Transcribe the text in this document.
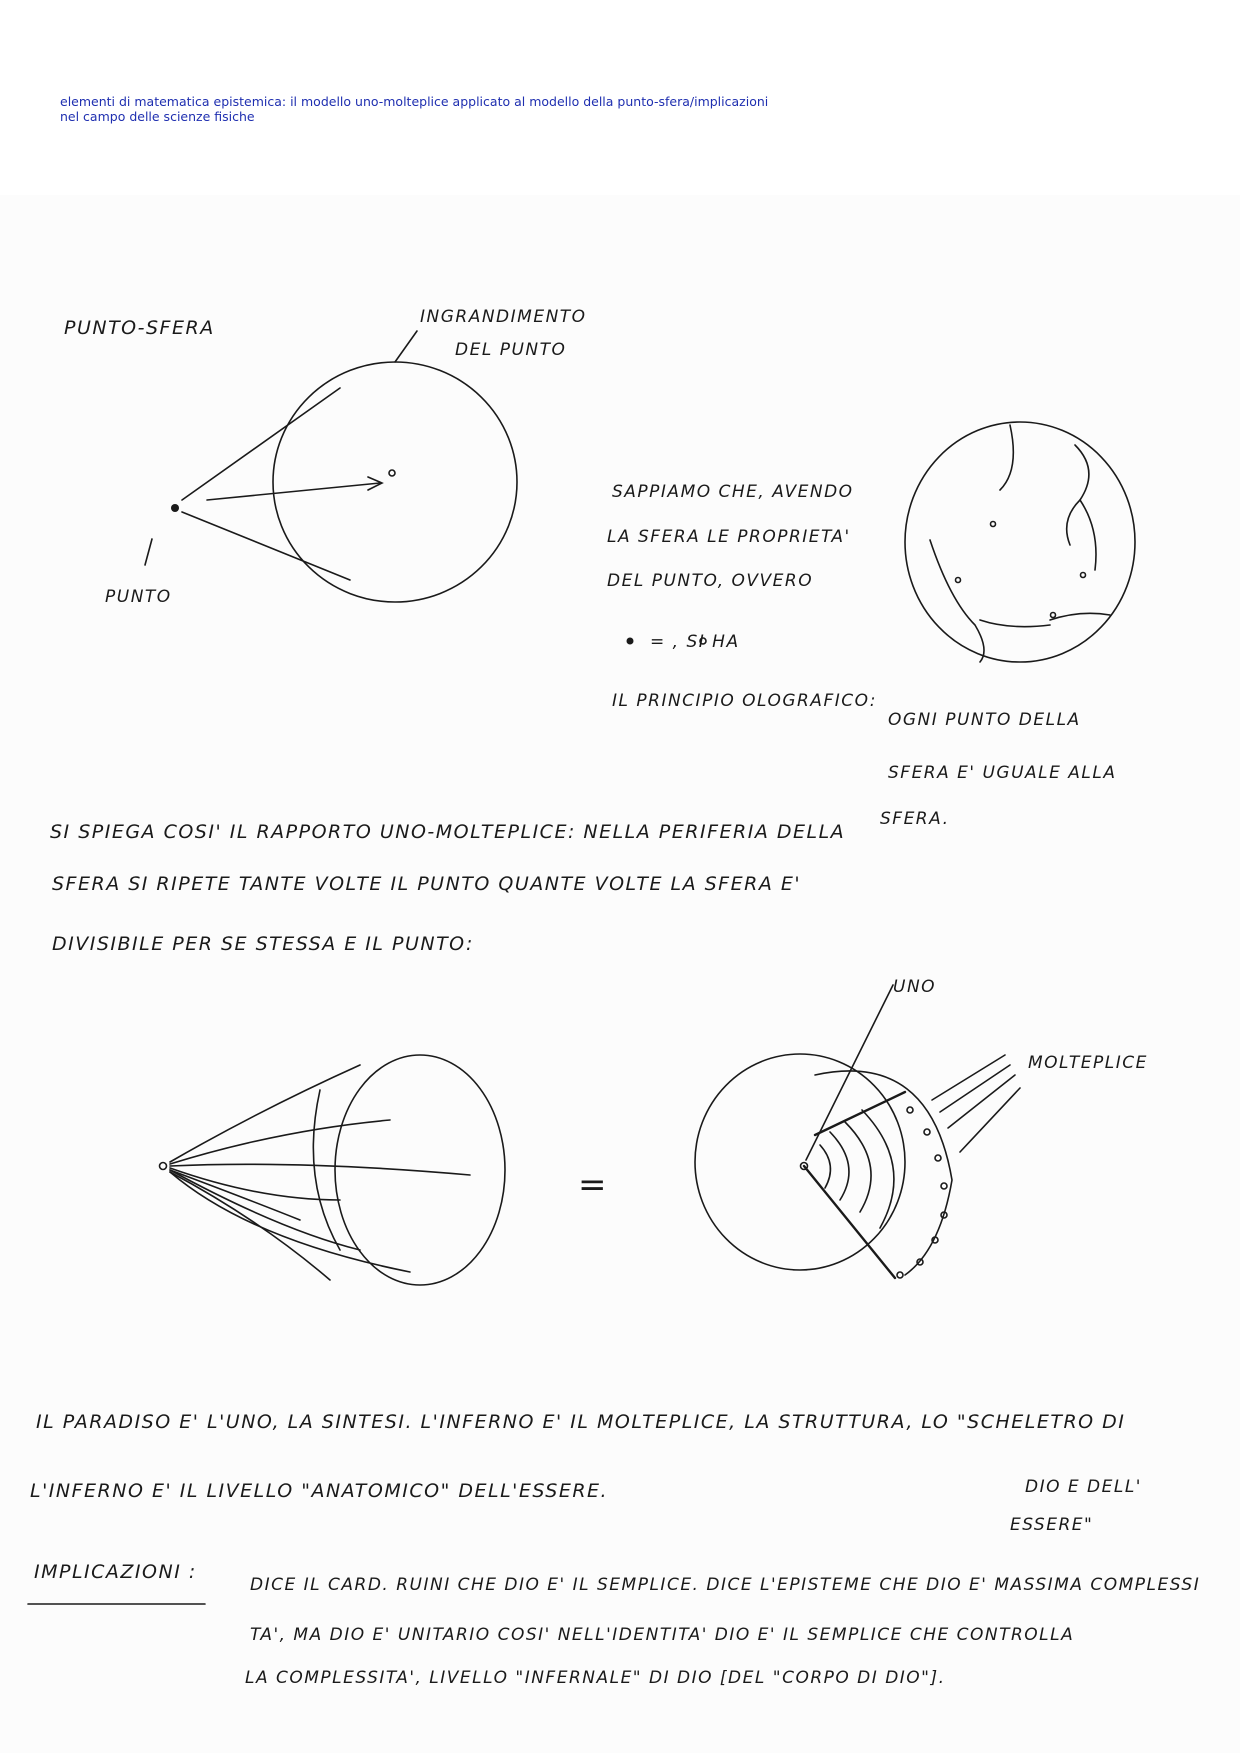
elementi di matematica epistemica: il modello uno-molteplice applicato al modello della punto-sfera/implicazioni
nel campo delle scienze fisiche
PUNTO-SFERA	INGRANDIMENTO
DEL PUNTO
PUNTO
SAPPIAMO CHE, AVENDO
LA SFERA LE PROPRIETA'
DEL PUNTO, OVVERO
= , SI HA
IL PRINCIPIO OLOGRAFICO:
OGNI PUNTO DELLA
SFERA E' UGUALE ALLA
SFERA.
SI SPIEGA COSI' IL RAPPORTO UNO-MOLTEPLICE: NELLA PERIFERIA DELLA
SFERA SI RIPETE TANTE VOLTE IL PUNTO QUANTE VOLTE LA SFERA E'
DIVISIBILE PER SE STESSA E IL PUNTO:
=
UNO
MOLTEPLICE
IL PARADISO E' L'UNO, LA SINTESI. L'INFERNO E' IL MOLTEPLICE, LA STRUTTURA, LO "SCHELETRO DI
L'INFERNO E' IL LIVELLO "ANATOMICO" DELL'ESSERE.	DIO E DELL'
ESSERE"
IMPLICAZIONI :
DICE IL CARD. RUINI CHE DIO E' IL SEMPLICE. DICE L'EPISTEME CHE DIO E' MASSIMA COMPLESSI
TA', MA DIO E' UNITARIO COSI' NELL'IDENTITA' DIO E' IL SEMPLICE CHE CONTROLLA
LA COMPLESSITA', LIVELLO "INFERNALE" DI DIO [DEL "CORPO DI DIO"].
